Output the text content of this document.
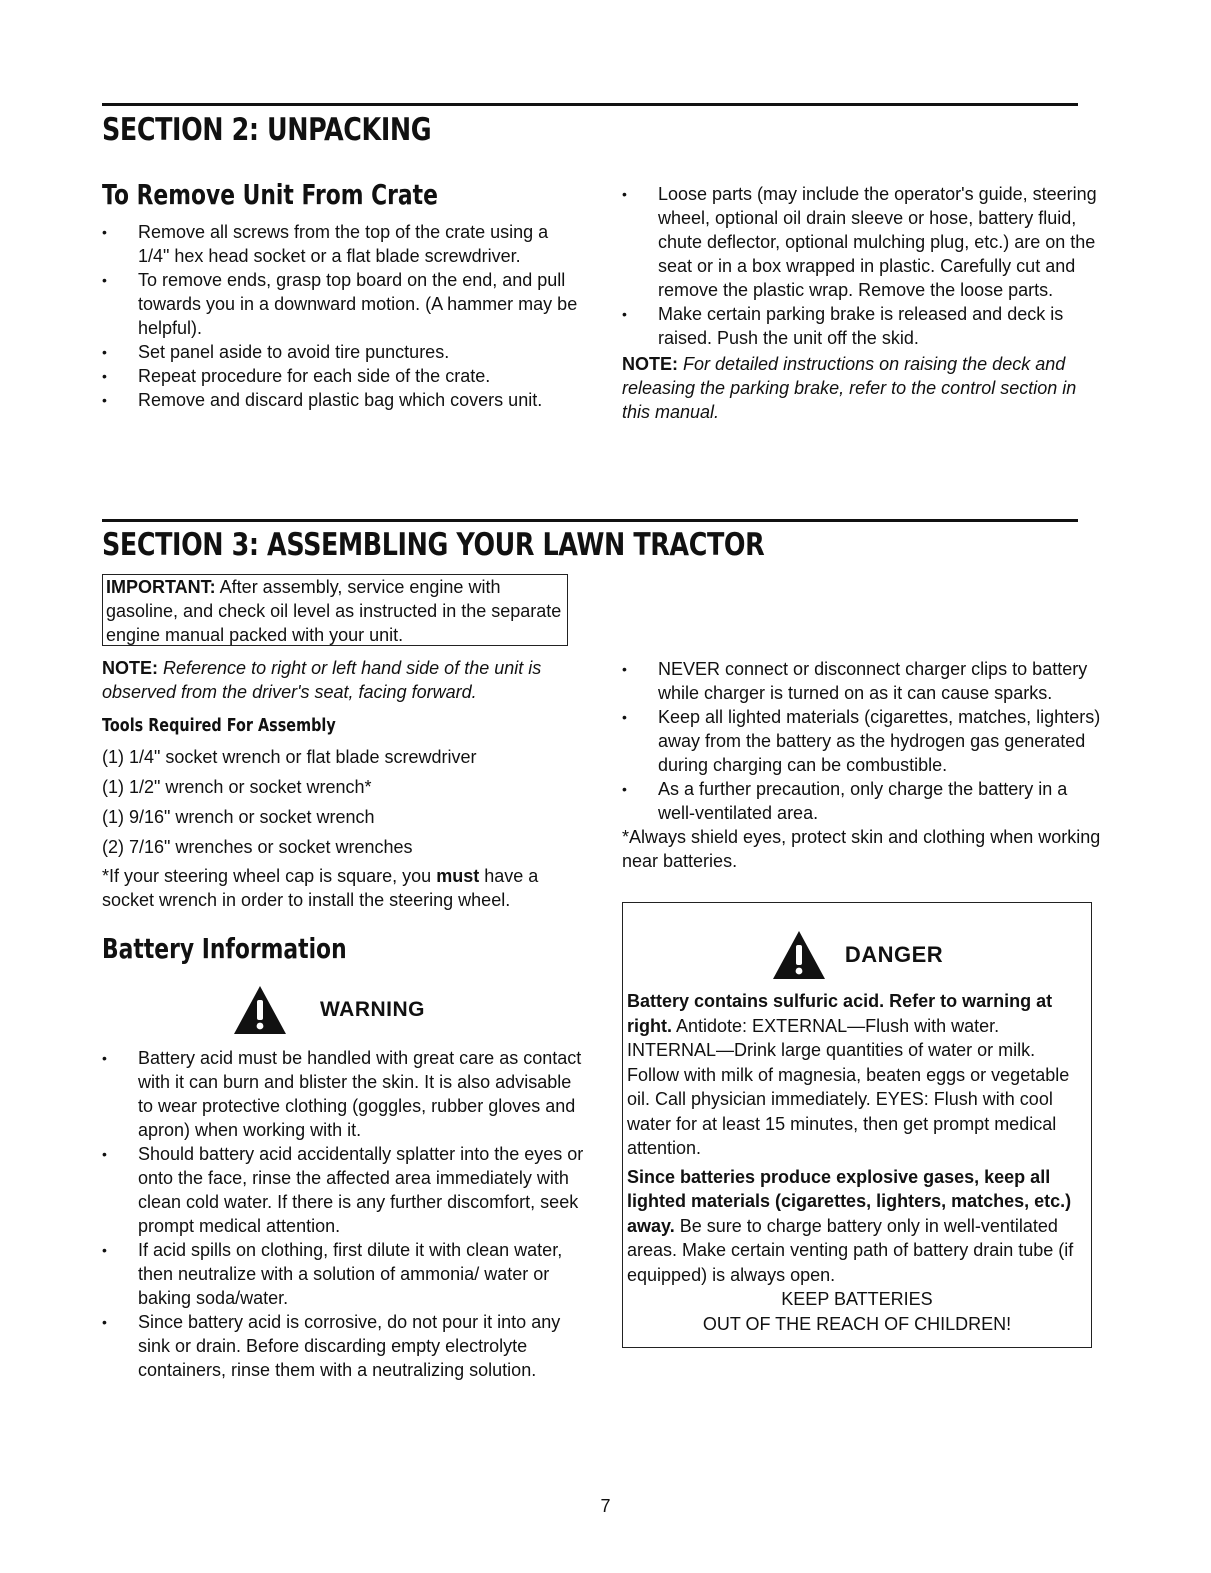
SECTION 2: UNPACKING
To Remove Unit From Crate
• Remove all screws from the top of the crate using a 1/4" hex head socket or a flat blade screwdriver.
• To remove ends, grasp top board on the end, and pull towards you in a downward motion. (A hammer may be helpful).
• Set panel aside to avoid tire punctures.
• Repeat procedure for each side of the crate.
• Remove and discard plastic bag which covers unit.
• Loose parts (may include the operator's guide, steering wheel, optional oil drain sleeve or hose, battery fluid, chute deflector, optional mulching plug, etc.) are on the seat or in a box wrapped in plastic. Carefully cut and remove the plastic wrap. Remove the loose parts.
• Make certain parking brake is released and deck is raised. Push the unit off the skid.

NOTE: For detailed instructions on raising the deck and releasing the parking brake, refer to the control section in this manual.

SECTION 3: ASSEMBLING YOUR LAWN TRACTOR
IMPORTANT: After assembly, service engine with gasoline, and check oil level as instructed in the separate engine manual packed with your unit.

NOTE: Reference to right or left hand side of the unit is observed from the driver's seat, facing forward.

Tools Required For Assembly
(1) 1/4" socket wrench or flat blade screwdriver
(1) 1/2" wrench or socket wrench*
(1) 9/16" wrench or socket wrench
(2) 7/16" wrenches or socket wrenches

*If your steering wheel cap is square, you must have a socket wrench in order to install the steering wheel.

Battery Information
WARNING
• Battery acid must be handled with great care as contact with it can burn and blister the skin. It is also advisable to wear protective clothing (goggles, rubber gloves and apron) when working with it.
• Should battery acid accidentally splatter into the eyes or onto the face, rinse the affected area immediately with clean cold water. If there is any further discomfort, seek prompt medical attention.
• If acid spills on clothing, first dilute it with clean water, then neutralize with a solution of ammonia/ water or baking soda/water.
• Since battery acid is corrosive, do not pour it into any sink or drain. Before discarding empty electrolyte containers, rinse them with a neutralizing solution.
• NEVER connect or disconnect charger clips to battery while charger is turned on as it can cause sparks.
• Keep all lighted materials (cigarettes, matches, lighters) away from the battery as the hydrogen gas generated during charging can be combustible.
• As a further precaution, only charge the battery in a well-ventilated area.

*Always shield eyes, protect skin and clothing when working near batteries.

DANGER

Battery contains sulfuric acid. Refer to warning at right. Antidote: EXTERNAL—Flush with water. INTERNAL—Drink large quantities of water or milk. Follow with milk of magnesia, beaten eggs or vegetable oil. Call physician immediately. EYES: Flush with cool water for at least 15 minutes, then get prompt medical attention.

Since batteries produce explosive gases, keep all lighted materials (cigarettes, lighters, matches, etc.) away. Be sure to charge battery only in well-ventilated areas. Make certain venting path of battery drain tube (if equipped) is always open.

KEEP BATTERIES

OUT OF THE REACH OF CHILDREN!

7
